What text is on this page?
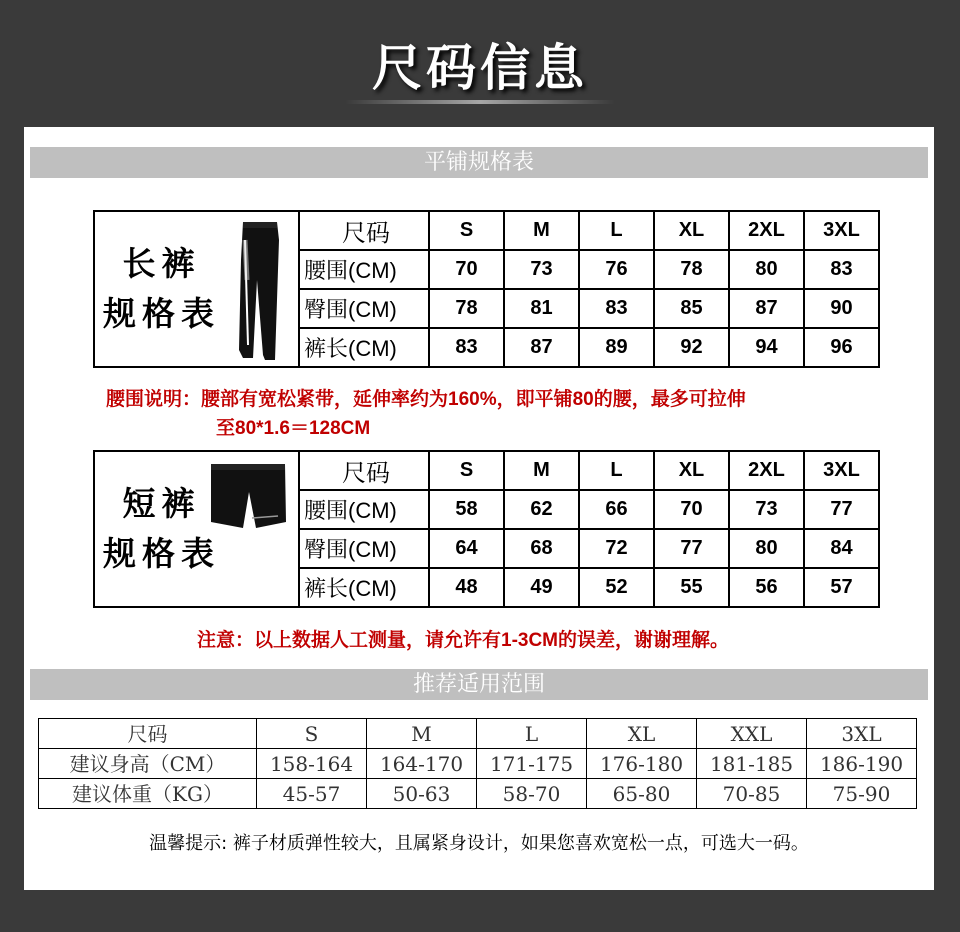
尺码信息
平铺规格表
长裤
规格表	尺码	S	M	L	XL	2XL	3XL
	腰围(CM)	70	73	76	78	80	83
	臀围(CM)	78	81	83	85	87	90
	裤长(CM)	83	87	89	92	94	96
腰围说明：腰部有宽松紧带，延伸率约为160%，即平铺80的腰，最多可拉伸
至80*1.6＝128CM
短裤
规格表	尺码	S	M	L	XL	2XL	3XL
	腰围(CM)	58	62	66	70	73	77
	臀围(CM)	64	68	72	77	80	84
	裤长(CM)	48	49	52	55	56	57
注意：以上数据人工测量，请允许有1-3CM的误差，谢谢理解。
推荐适用范围
尺码	S	M	L	XL	XXL	3XL
建议身高（CM）	158-164	164-170	171-175	176-180	181-185	186-190
建议体重（KG）	45-57	50-63	58-70	65-80	70-85	75-90
温馨提示: 裤子材质弹性较大，且属紧身设计，如果您喜欢宽松一点，可选大一码。
